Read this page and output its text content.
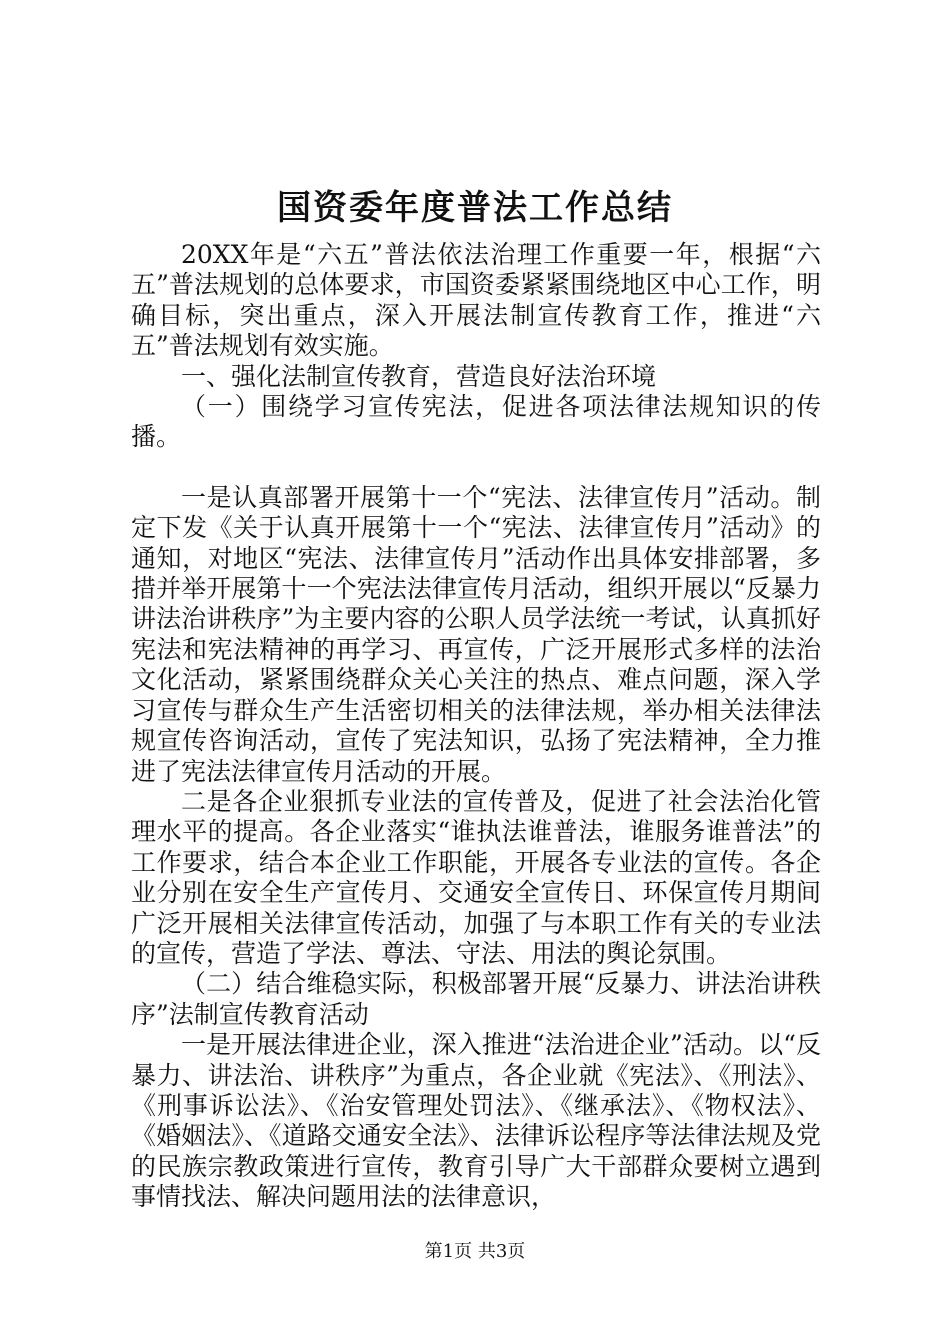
国资委年度普法工作总结

20XX年是“六五”普法依法治理工作重要一年，根据“六五”普法规划的总体要求，市国资委紧紧围绕地区中心工作，明确目标，突出重点，深入开展法制宣传教育工作，推进“六五”普法规划有效实施。

一、强化法制宣传教育，营造良好法治环境

（一）围绕学习宣传宪法，促进各项法律法规知识的传播。

一是认真部署开展第十一个“宪法、法律宣传月”活动。制定下发《关于认真开展第十一个“宪法、法律宣传月”活动》的通知，对地区“宪法、法律宣传月”活动作出具体安排部署，多措并举开展第十一个宪法法律宣传月活动，组织开展以“反暴力讲法治讲秩序”为主要内容的公职人员学法统一考试，认真抓好宪法和宪法精神的再学习、再宣传，广泛开展形式多样的法治文化活动，紧紧围绕群众关心关注的热点、难点问题，深入学习宣传与群众生产生活密切相关的法律法规，举办相关法律法规宣传咨询活动，宣传了宪法知识，弘扬了宪法精神，全力推进了宪法法律宣传月活动的开展。

二是各企业狠抓专业法的宣传普及，促进了社会法治化管理水平的提高。各企业落实“谁执法谁普法，谁服务谁普法”的工作要求，结合本企业工作职能，开展各专业法的宣传。各企业分别在安全生产宣传月、交通安全宣传日、环保宣传月期间广泛开展相关法律宣传活动，加强了与本职工作有关的专业法的宣传，营造了学法、尊法、守法、用法的舆论氛围。

（二）结合维稳实际，积极部署开展“反暴力、讲法治讲秩序”法制宣传教育活动

一是开展法律进企业，深入推进“法治进企业”活动。以“反暴力、讲法治、讲秩序”为重点，各企业就《宪法》、《刑法》、《刑事诉讼法》、《治安管理处罚法》、《继承法》、《物权法》、《婚姻法》、《道路交通安全法》、法律诉讼程序等法律法规及党的民族宗教政策进行宣传，教育引导广大干部群众要树立遇到事情找法、解决问题用法的法律意识，

第1页 共3页
